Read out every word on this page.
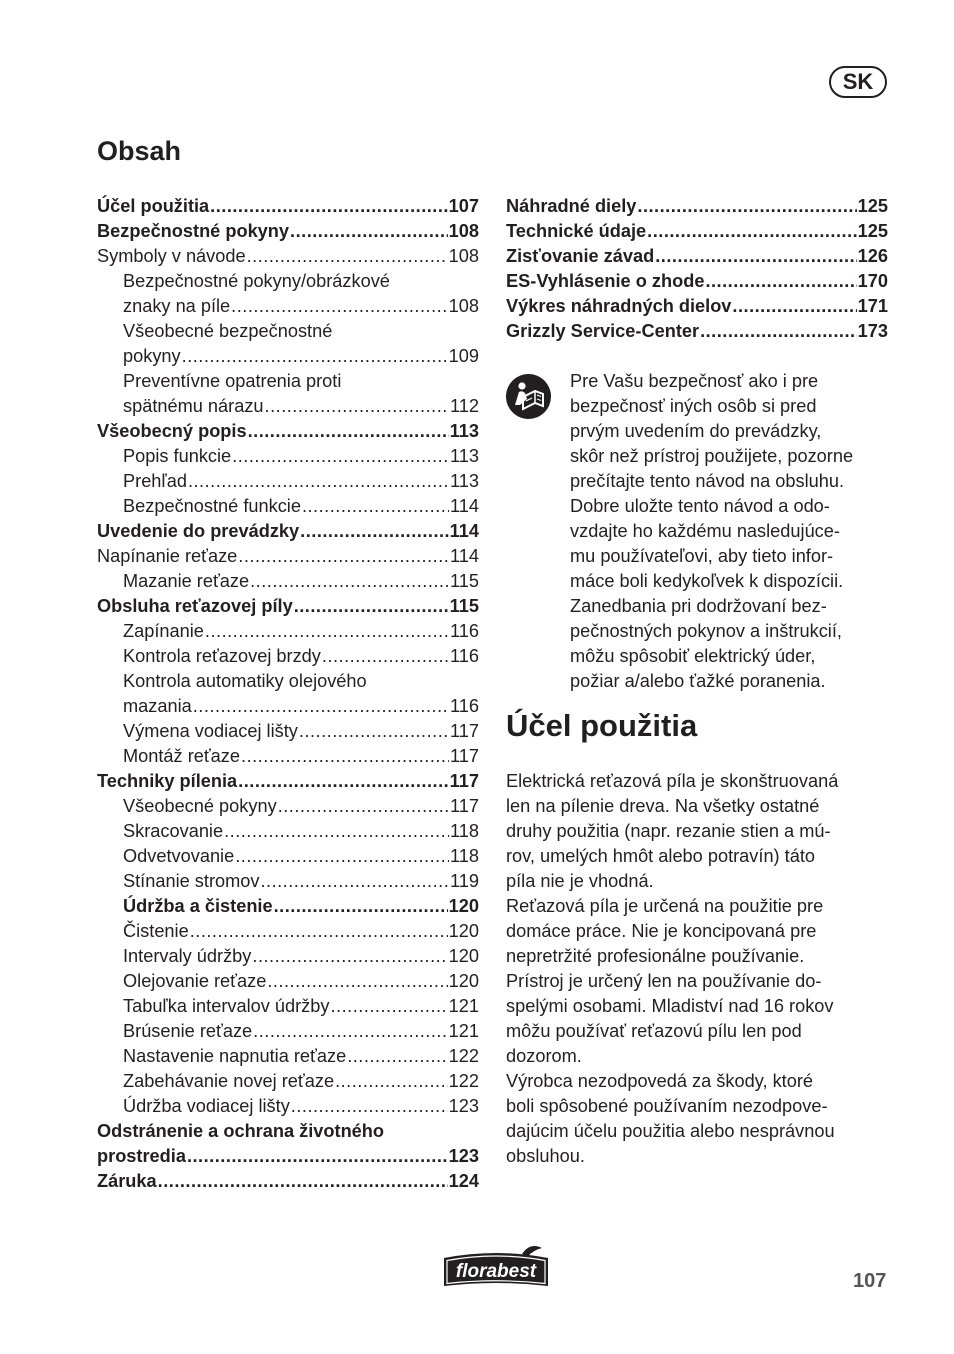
SK
Obsah
Účel použitia .....	107
Bezpečnostné pokyny .....	108
Symboly v návode .....	108
Bezpečnostné pokyny/obrázkové
znaky na píle .....	108
Všeobecné bezpečnostné
pokyny .....	109
Preventívne opatrenia proti
spätnému nárazu .....	112
Všeobecný popis .....	113
Popis funkcie .....	113
Prehľad .....	113
Bezpečnostné funkcie .....	114
Uvedenie do prevádzky .....	114
Napínanie reťaze .....	114
Mazanie reťaze .....	115
Obsluha reťazovej píly .....	115
Zapínanie .....	116
Kontrola reťazovej brzdy .....	116
Kontrola automatiky olejového
mazania .....	116
Výmena vodiacej lišty .....	117
Montáž reťaze .....	117
Techniky pílenia .....	117
Všeobecné pokyny .....	117
Skracovanie .....	118
Odvetvovanie .....	118
Stínanie stromov .....	119
Údržba a čistenie .....	120
Čistenie .....	120
Intervaly údržby .....	120
Olejovanie reťaze .....	120
Tabuľka intervalov údržby .....	121
Brúsenie reťaze .....	121
Nastavenie napnutia reťaze .....	122
Zabehávanie novej reťaze .....	122
Údržba vodiacej lišty .....	123
Odstránenie a ochrana životného
prostredia .....	123
Záruka .....	124
Náhradné diely .....	125
Technické údaje .....	125
Zisťovanie závad .....	126
ES-Vyhlásenie o zhode .....	170
Výkres náhradných dielov .....	171
Grizzly Service-Center .....	173
Pre Vašu bezpečnosť ako i pre
bezpečnosť iných osôb si pred
prvým uvedením do prevádzky,
skôr než prístroj použijete, pozorne
prečítajte tento návod na obsluhu.
Dobre uložte tento návod a odo-
vzdajte ho každému nasledujúce-
mu používateľovi, aby tieto infor-
máce boli kedykoľvek k dispozícii.
Zanedbania pri dodržovaní bez-
pečnostných pokynov a inštrukcií,
môžu spôsobiť elektrický úder,
požiar a/alebo ťažké poranenia.
Účel použitia
Elektrická reťazová píla je skonštruovaná
len na pílenie dreva. Na všetky ostatné
druhy použitia (napr. rezanie stien a mú-
rov, umelých hmôt alebo potravín) táto
píla nie je vhodná.
Reťazová píla je určená na použitie pre
domáce práce. Nie je koncipovaná pre
nepretržité profesionálne používanie.
Prístroj je určený len na používanie do-
spelými osobami. Mladiství nad 16 rokov
môžu používať reťazovú pílu len pod
dozorom.
Výrobca nezodpovedá za škody, ktoré
boli spôsobené používaním nezodpove-
dajúcim účelu použitia alebo nesprávnou
obsluhou.
florabest	107
